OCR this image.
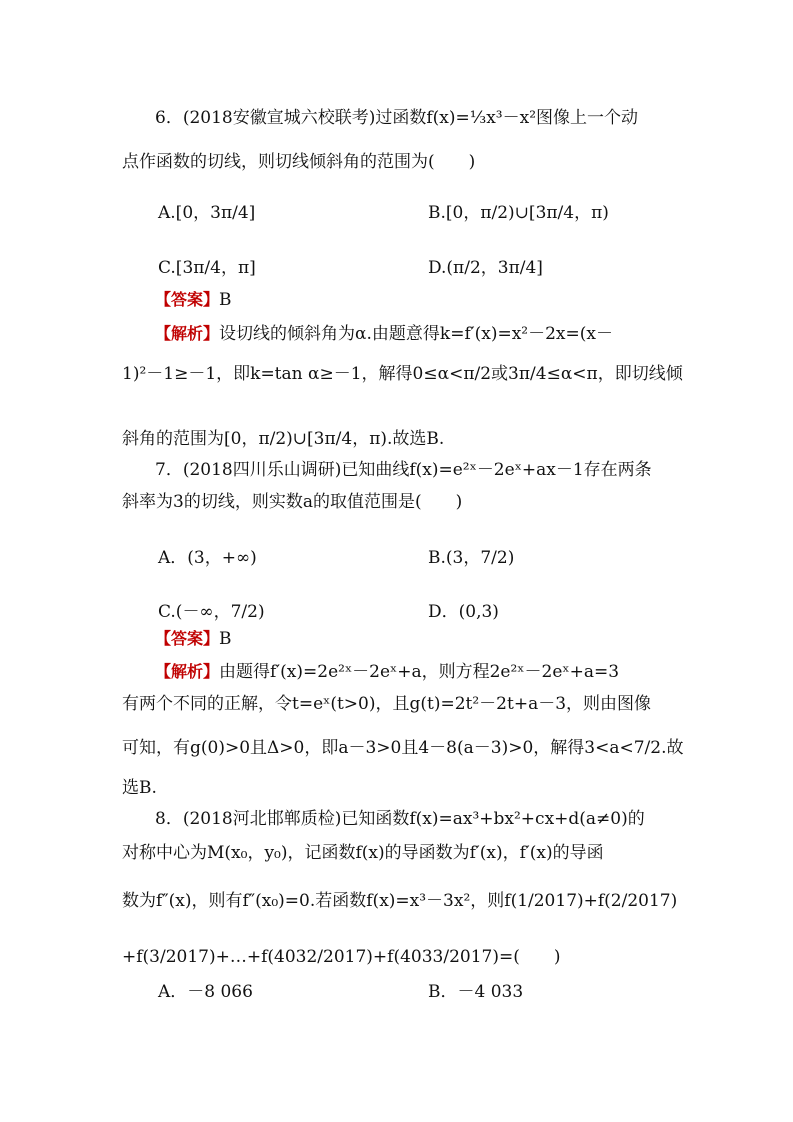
6．(2018安徽宣城六校联考)过函数f(x)=⅓x³－x²图像上一个动
点作函数的切线，则切线倾斜角的范围为(　　)
A.[0，3π/4]	B.[0，π/2)∪[3π/4，π)
C.[3π/4，π]	D.(π/2，3π/4]
【答案】B
【解析】设切线的倾斜角为α.由题意得k=f′(x)=x²－2x=(x－
1)²－1≥－1，即k=tan α≥－1，解得0≤α<π/2或3π/4≤α<π，即切线倾
斜角的范围为[0，π/2)∪[3π/4，π).故选B.
7．(2018四川乐山调研)已知曲线f(x)=e²ˣ－2eˣ+ax－1存在两条
斜率为3的切线，则实数a的取值范围是(　　)
A．(3，+∞)	B.(3，7/2)
C.(－∞，7/2)	D．(0,3)
【答案】B
【解析】由题得f′(x)=2e²ˣ－2eˣ+a，则方程2e²ˣ－2eˣ+a=3
有两个不同的正解，令t=eˣ(t>0)，且g(t)=2t²－2t+a－3，则由图像
可知，有g(0)>0且Δ>0，即a－3>0且4－8(a－3)>0，解得3<a<7/2.故
选B.
8．(2018河北邯郸质检)已知函数f(x)=ax³+bx²+cx+d(a≠0)的
对称中心为M(x₀，y₀)，记函数f(x)的导函数为f′(x)，f′(x)的导函
数为f″(x)，则有f″(x₀)=0.若函数f(x)=x³－3x²，则f(1/2017)+f(2/2017)
+f(3/2017)+…+f(4032/2017)+f(4033/2017)=(　　)
A．－8 066	B．－4 033
